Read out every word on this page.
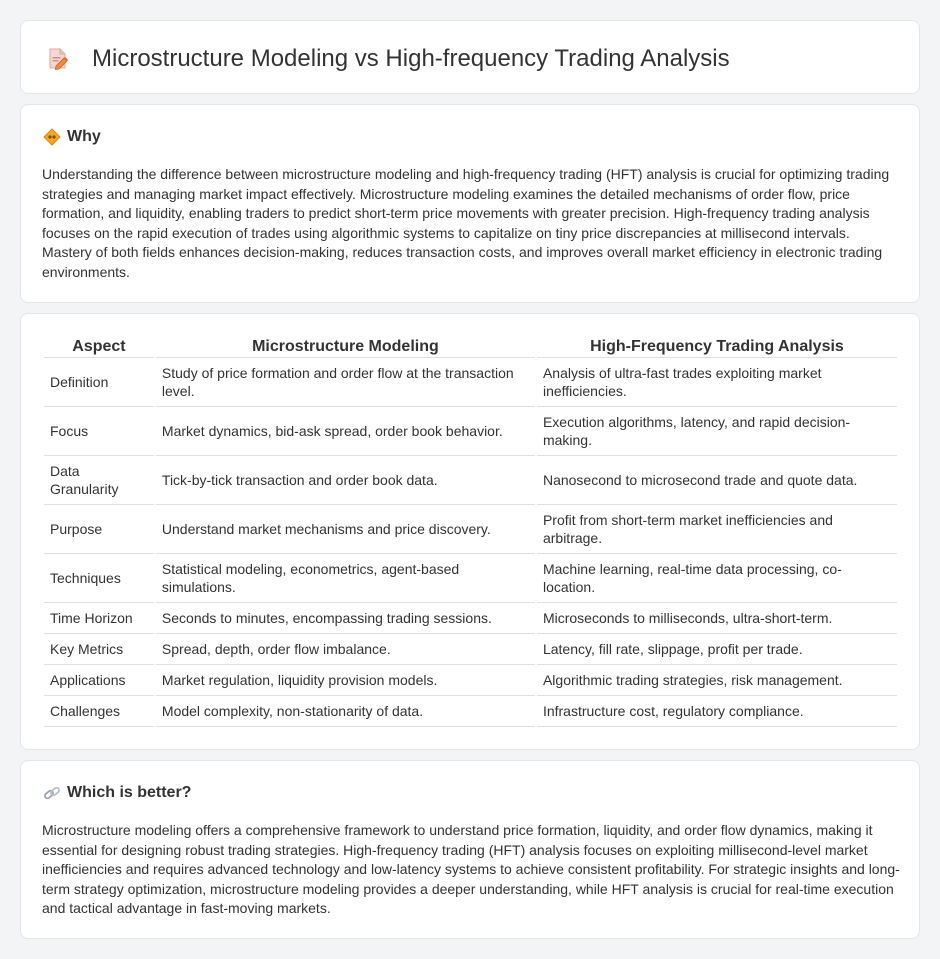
Microstructure Modeling vs High-frequency Trading Analysis
Why

Understanding the difference between microstructure modeling and high-frequency trading (HFT) analysis is crucial for optimizing trading strategies and managing market impact effectively. Microstructure modeling examines the detailed mechanisms of order flow, price formation, and liquidity, enabling traders to predict short-term price movements with greater precision. High-frequency trading analysis focuses on the rapid execution of trades using algorithmic systems to capitalize on tiny price discrepancies at millisecond intervals. Mastery of both fields enhances decision-making, reduces transaction costs, and improves overall market efficiency in electronic trading environments.

Aspect	Microstructure Modeling	High-Frequency Trading Analysis
Definition	Study of price formation and order flow at the transaction level.	Analysis of ultra-fast trades exploiting market inefficiencies.
Focus	Market dynamics, bid-ask spread, order book behavior.	Execution algorithms, latency, and rapid decision-making.
Data Granularity	Tick-by-tick transaction and order book data.	Nanosecond to microsecond trade and quote data.
Purpose	Understand market mechanisms and price discovery.	Profit from short-term market inefficiencies and arbitrage.
Techniques	Statistical modeling, econometrics, agent-based simulations.	Machine learning, real-time data processing, co-location.
Time Horizon	Seconds to minutes, encompassing trading sessions.	Microseconds to milliseconds, ultra-short-term.
Key Metrics	Spread, depth, order flow imbalance.	Latency, fill rate, slippage, profit per trade.
Applications	Market regulation, liquidity provision models.	Algorithmic trading strategies, risk management.
Challenges	Model complexity, non-stationarity of data.	Infrastructure cost, regulatory compliance.
Which is better?

Microstructure modeling offers a comprehensive framework to understand price formation, liquidity, and order flow dynamics, making it essential for designing robust trading strategies. High-frequency trading (HFT) analysis focuses on exploiting millisecond-level market inefficiencies and requires advanced technology and low-latency systems to achieve consistent profitability. For strategic insights and long-term strategy optimization, microstructure modeling provides a deeper understanding, while HFT analysis is crucial for real-time execution and tactical advantage in fast-moving markets.
